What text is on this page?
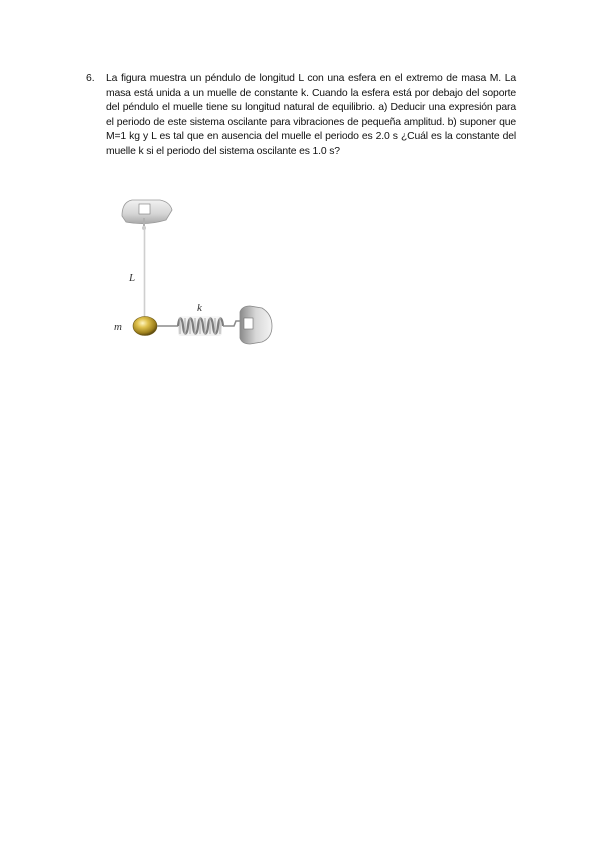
6.	La figura muestra un péndulo de longitud L con una esfera en el extremo de masa M. La masa está unida a un muelle de constante k. Cuando la esfera está por debajo del soporte del péndulo el muelle tiene su longitud natural de equilibrio. a) Deducir una expresión para el periodo de este sistema oscilante para vibraciones de pequeña amplitud. b) suponer que M=1 kg y L es tal que en ausencia del muelle el periodo es 2.0 s ¿Cuál es la constante del muelle k si el periodo del sistema oscilante es 1.0 s?

L
m
k
